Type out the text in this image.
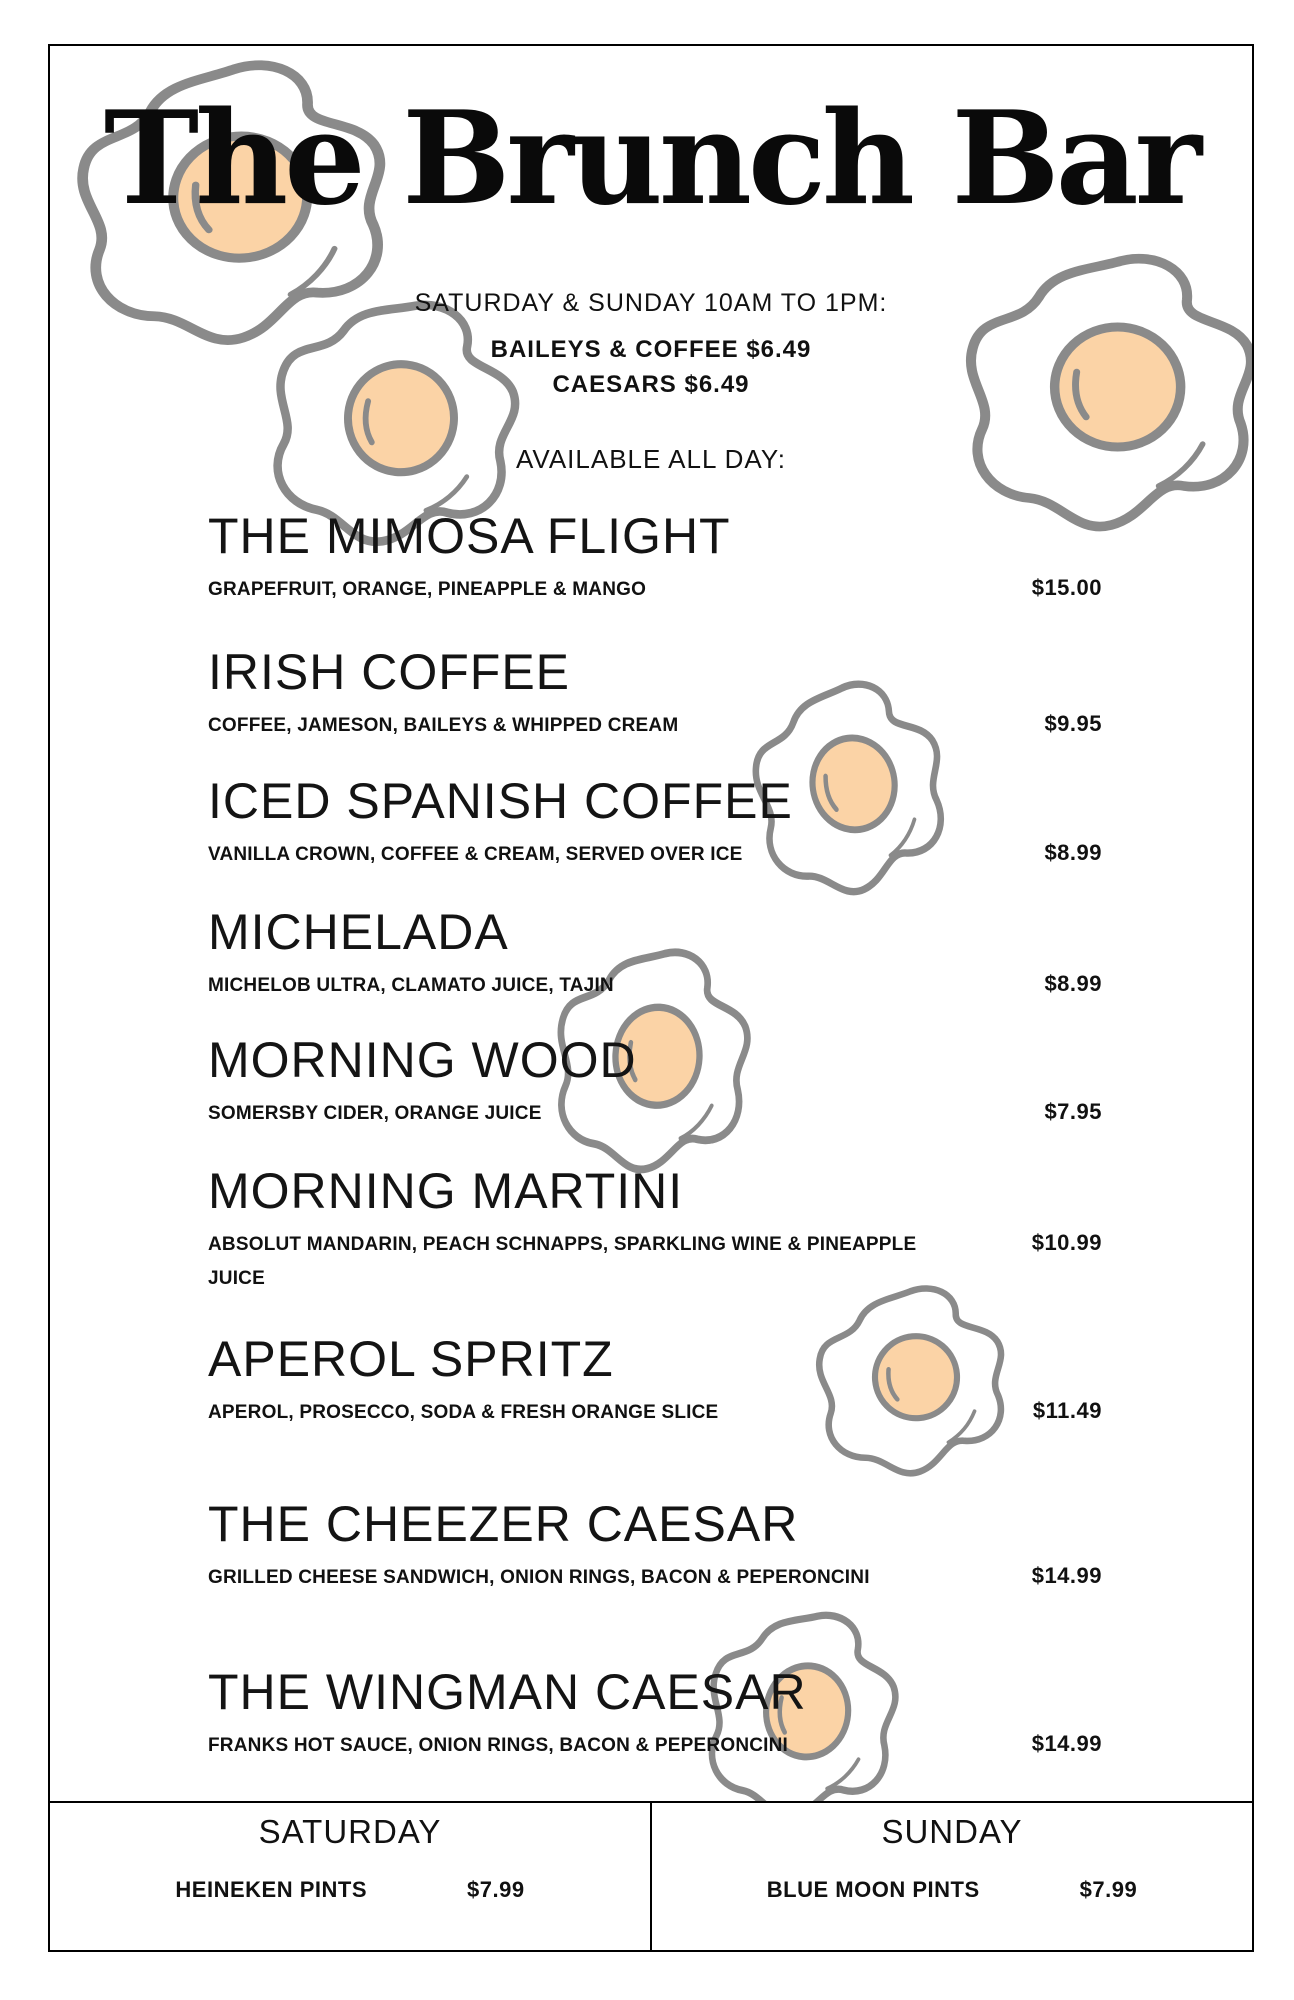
The Brunch Bar
SATURDAY & SUNDAY 10AM TO 1PM:
BAILEYS & COFFEE $6.49
CAESARS $6.49
AVAILABLE ALL DAY:
THE MIMOSA FLIGHT
GRAPEFRUIT, ORANGE, PINEAPPLE & MANGO	$15.00
IRISH COFFEE
COFFEE, JAMESON, BAILEYS & WHIPPED CREAM	$9.95
ICED SPANISH COFFEE
VANILLA CROWN, COFFEE & CREAM, SERVED OVER ICE	$8.99
MICHELADA
MICHELOB ULTRA, CLAMATO JUICE, TAJIN	$8.99
MORNING WOOD
SOMERSBY CIDER, ORANGE JUICE	$7.95
MORNING MARTINI
ABSOLUT MANDARIN, PEACH SCHNAPPS, SPARKLING WINE & PINEAPPLE JUICE
$10.99
APEROL SPRITZ
APEROL, PROSECCO, SODA & FRESH ORANGE SLICE	$11.49
THE CHEEZER CAESAR
GRILLED CHEESE SANDWICH, ONION RINGS, BACON & PEPERONCINI	$14.99
THE WINGMAN CAESAR
FRANKS HOT SAUCE, ONION RINGS, BACON & PEPERONCINI	$14.99
SATURDAY
HEINEKEN PINTS	$7.99
SUNDAY
BLUE MOON PINTS	$7.99
